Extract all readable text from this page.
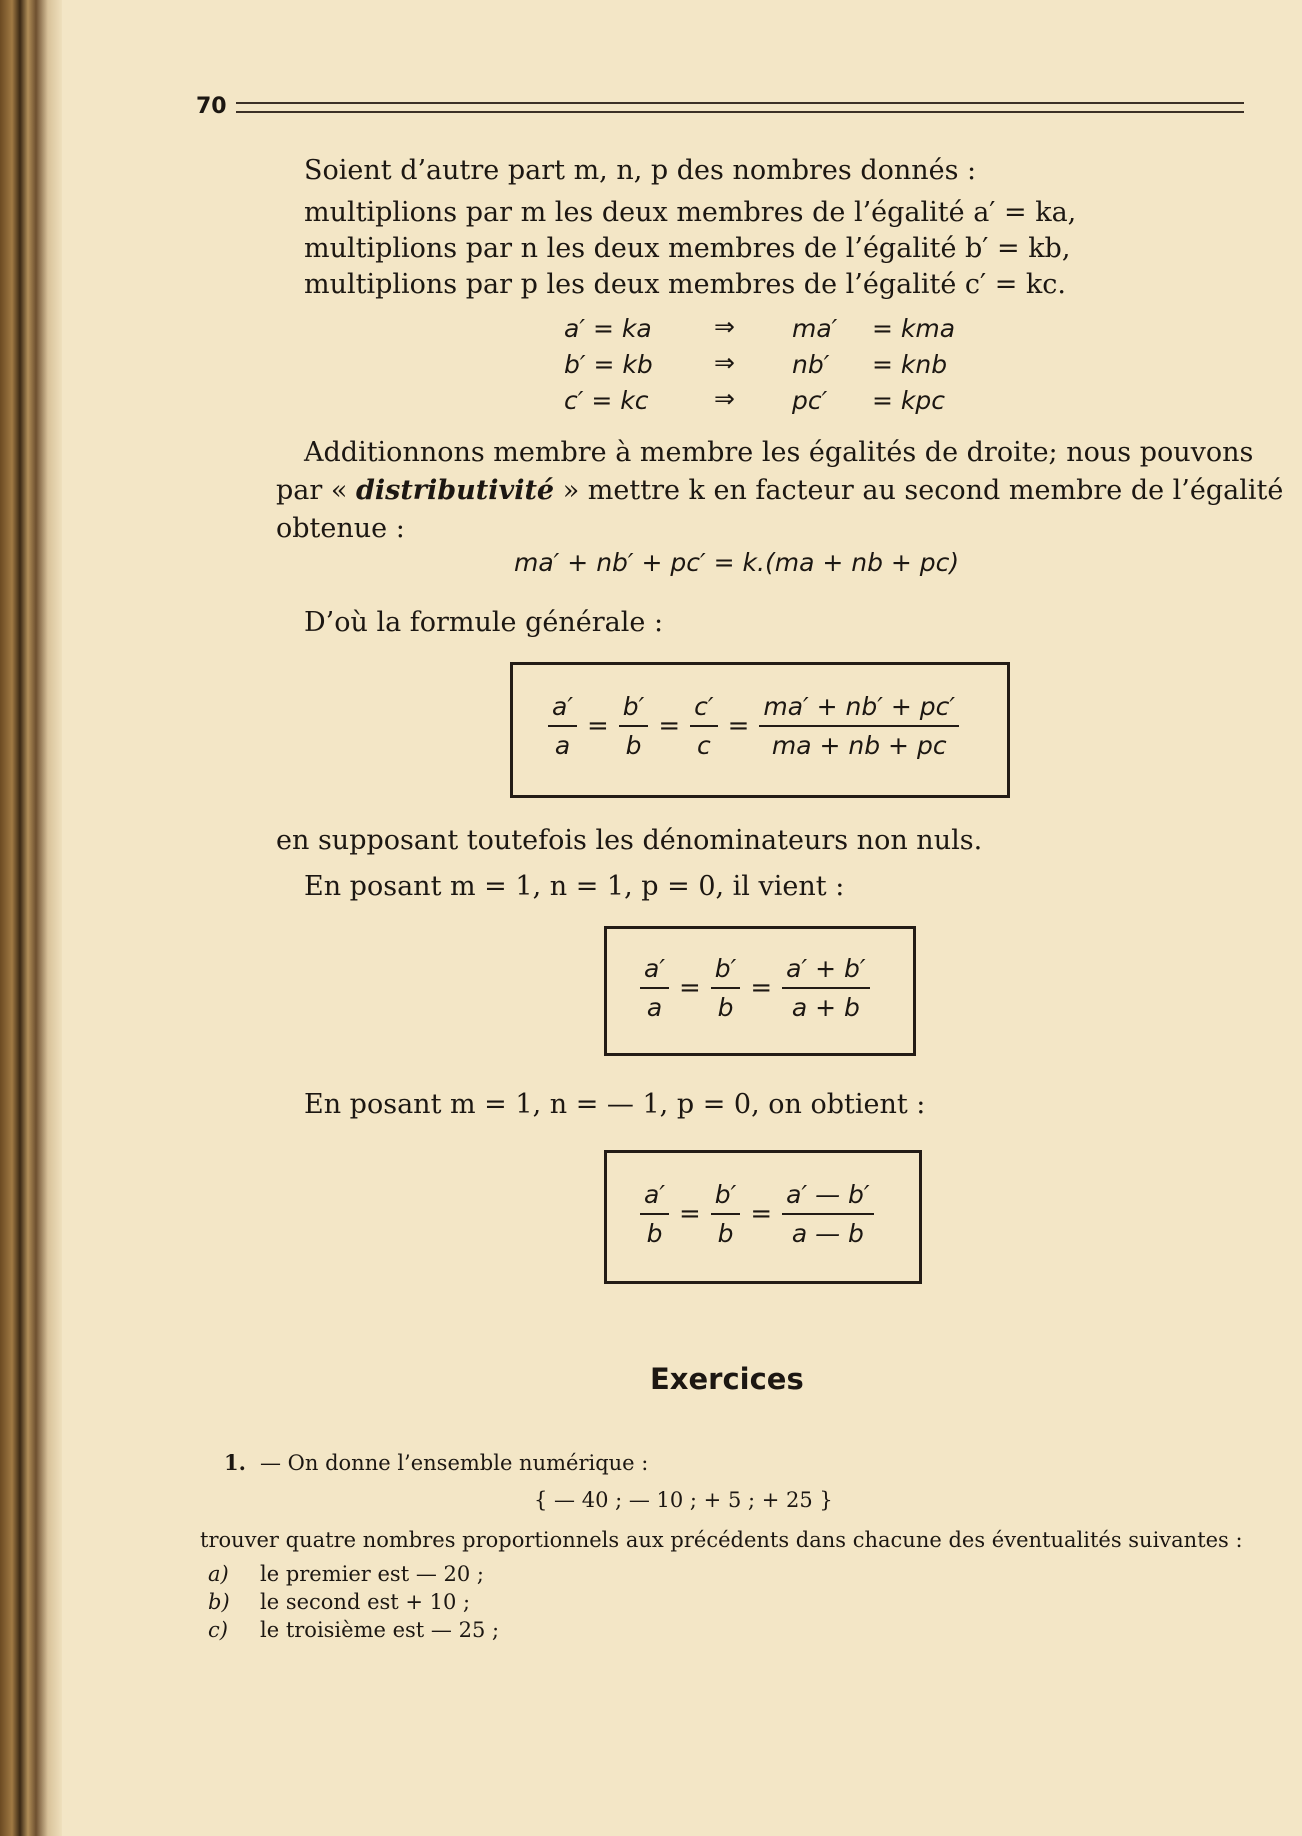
70
Soient d’autre part m, n, p des nombres donnés :
multiplions par m les deux membres de l’égalité a′ = ka,
multiplions par n les deux membres de l’égalité b′ = kb,
multiplions par p les deux membres de l’égalité c′ = kc.
a′ = ka ⇒ ma′ = kma
b′ = kb ⇒ nb′ = knb
c′ = kc	⇒ pc′ = kpc
Additionnons membre à membre les égalités de droite; nous pouvons
par « distributivité » mettre k en facteur au second membre de l’égalité
obtenue :
ma′ + nb′ + pc′ = k.(ma + nb + pc)
D’où la formule générale :
$\frac{a'}{a} = \frac{b'}{b} = \frac{c'}{c} = \frac{ma' + nb' + pc'}{ma + nb + pc}$
en supposant toutefois les dénominateurs non nuls.
En posant m = 1, n = 1, p = 0, il vient :
$\frac{a'}{a} = \frac{b'}{b} = \frac{a' + b'}{a + b}$
En posant m = 1, n = — 1, p = 0, on obtient :
$\frac{a'}{b} = \frac{b'}{b} = \frac{a' — b'}{a — b}$
Exercices
1. — On donne l’ensemble numérique :
{ — 40 ; — 10 ; + 5 ; + 25 }
trouver quatre nombres proportionnels aux précédents dans chacune des éventualités suivantes :
a) le premier est — 20 ;
b) le second est + 10 ;
c) le troisième est — 25 ;
